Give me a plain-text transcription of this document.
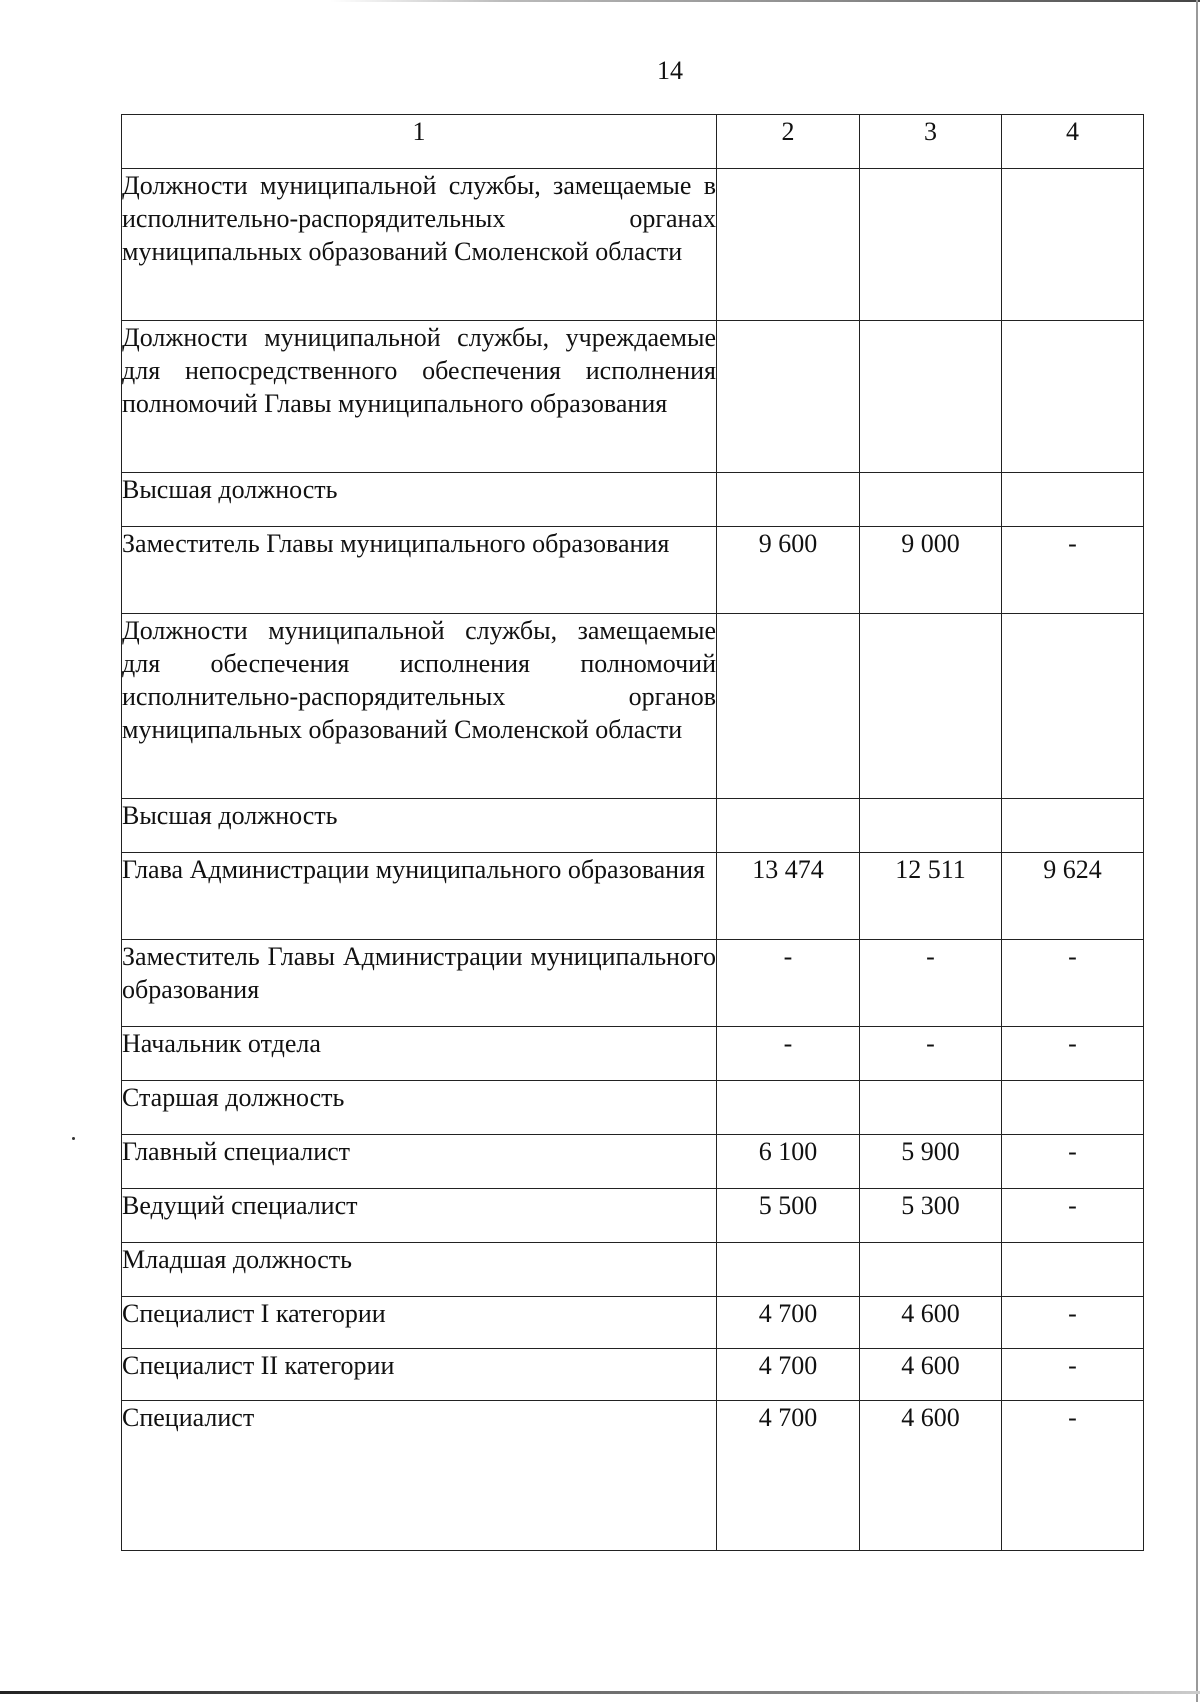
14
1	2	3	4
Должности муниципальной службы, замещаемые в исполнительно-распорядительных органах муниципальных образований Смоленской области			
Должности муниципальной службы, учреждаемые для непосредственного обеспечения исполнения полномочий Главы муниципального образования			
Высшая должность			
Заместитель Главы муниципального образования	9 600	9 000	-
Должности муниципальной службы, замещаемые для обеспечения исполнения полномочий исполнительно-распорядительных органов муниципальных образований Смоленской области			
Высшая должность			
Глава Администрации муниципального образования	13 474	12 511	9 624
Заместитель Главы Администрации муниципального образования	-	-	-
Начальник отдела	-	-	-
Старшая должность			
Главный специалист	6 100	5 900	-
Ведущий специалист	5 500	5 300	-
Младшая должность			
Специалист I категории	4 700	4 600	-
Специалист II категории	4 700	4 600	-
Специалист	4 700	4 600	-
